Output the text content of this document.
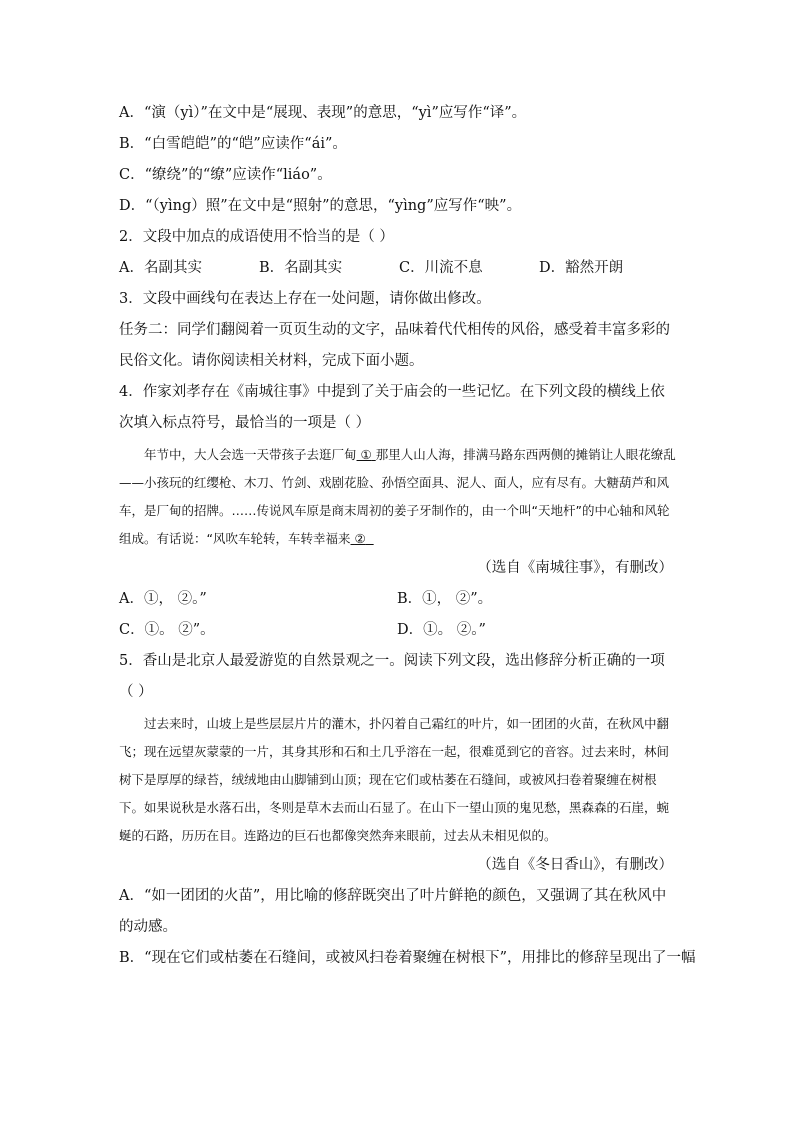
A．“演（yì）”在文中是“展现、表现”的意思，“yì”应写作“译”。
B．“白雪皑皑”的“皑”应读作“ái”。
C．“缭绕”的“缭”应读作“liáo”。
D．“（yìng）照”在文中是“照射”的意思，“yìng”应写作“映”。
2．文段中加点的成语使用不恰当的是（ ）
A．名副其实	B．名副其实	C．川流不息	D．豁然开朗
3．文段中画线句在表达上存在一处问题，请你做出修改。
任务二：同学们翻阅着一页页生动的文字，品味着代代相传的风俗，感受着丰富多彩的民俗文化。请你阅读相关材料，完成下面小题。
4．作家刘孝存在《南城往事》中提到了关于庙会的一些记忆。在下列文段的横线上依次填入标点符号，最恰当的一项是（ ）

年节中，大人会选一天带孩子去逛厂甸 ① 那里人山人海，排满马路东西两侧的摊销让人眼花缭乱——小孩玩的红缨枪、木刀、竹剑、戏剧花脸、孙悟空面具、泥人、面人，应有尽有。大糖葫芦和风车，是厂甸的招牌。……传说风车原是商末周初的姜子牙制作的，由一个叫“天地杆”的中心轴和风轮组成。有话说：“风吹车轮转，车转幸福来 ②

（选自《南城往事》，有删改）
A．①， ②。”	B．①， ②”。
C．①。 ②”。	D．①。 ②。”
5．香山是北京人最爱游览的自然景观之一。阅读下列文段，选出修辞分析正确的一项（ ）

过去来时，山坡上是些层层片片的灌木，扑闪着自己霜红的叶片，如一团团的火苗，在秋风中翻飞；现在远望灰蒙蒙的一片，其身其形和石和土几乎溶在一起，很难觅到它的音容。过去来时，林间树下是厚厚的绿苔，绒绒地由山脚铺到山顶；现在它们或枯萎在石缝间，或被风扫卷着聚缠在树根下。如果说秋是水落石出，冬则是草木去而山石显了。在山下一望山顶的鬼见愁，黑森森的石崖，蜿蜒的石路，历历在目。连路边的巨石也都像突然奔来眼前，过去从未相见似的。

（选自《冬日香山》，有删改）
A．“如一团团的火苗”，用比喻的修辞既突出了叶片鲜艳的颜色，又强调了其在秋风中的动感。
B．“现在它们或枯萎在石缝间，或被风扫卷着聚缠在树根下”，用排比的修辞呈现出了一幅
